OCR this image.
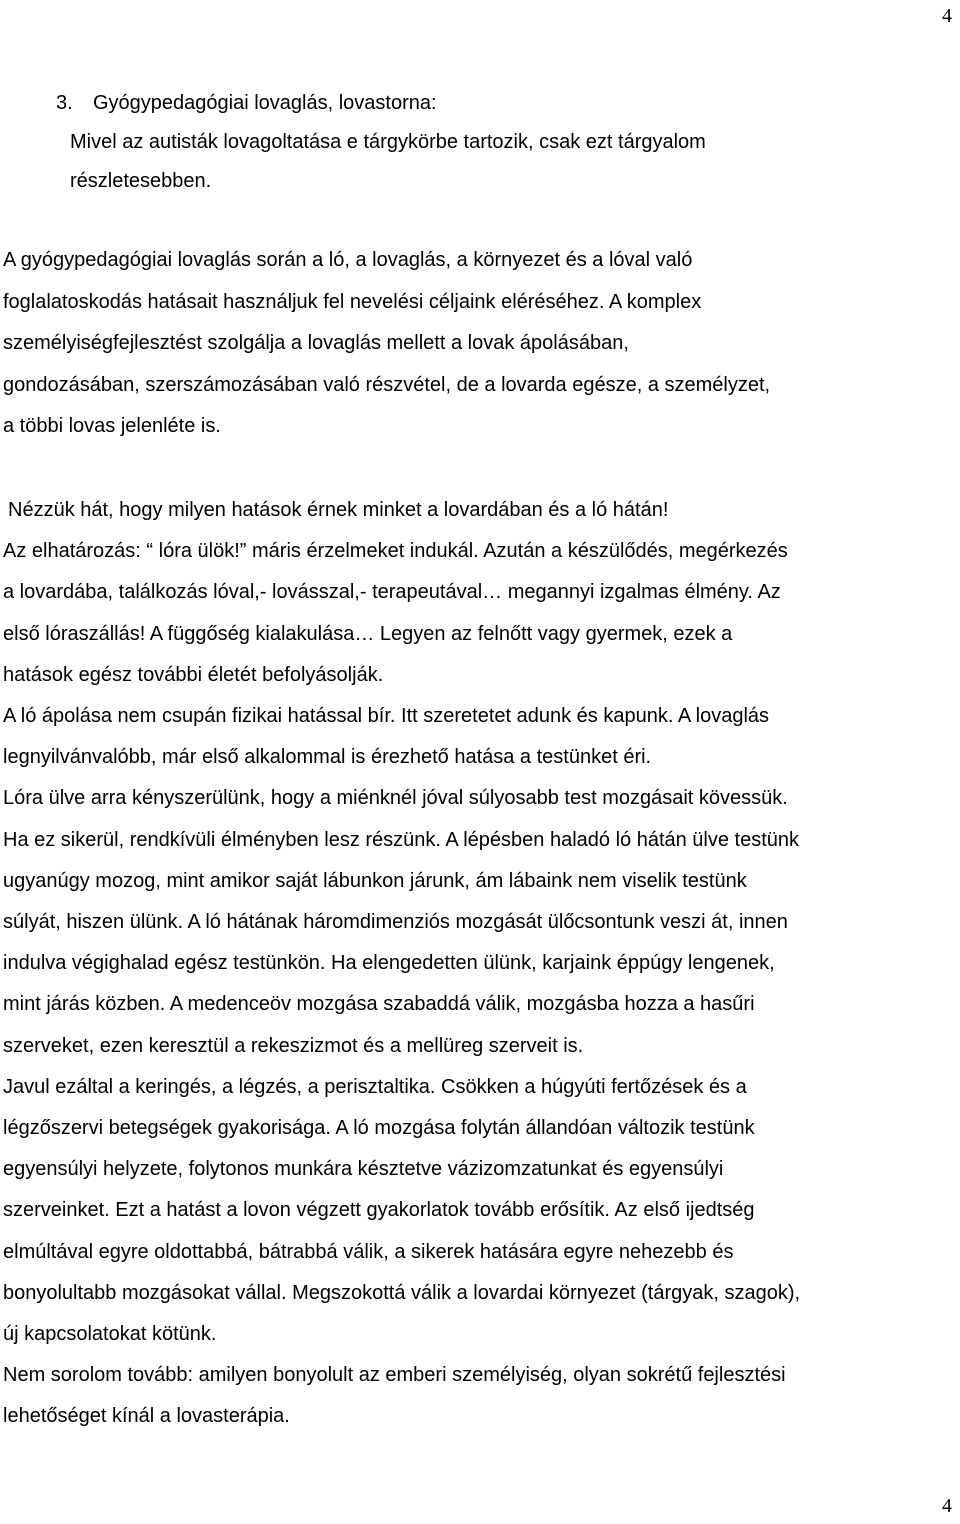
4
3. Gyógypedagógiai lovaglás, lovastorna:

Mivel az autisták lovagoltatása e tárgykörbe tartozik, csak ezt tárgyalom

részletesebben.

A gyógypedagógiai lovaglás során a ló, a lovaglás, a környezet és a lóval való

foglalatoskodás hatásait használjuk fel nevelési céljaink eléréséhez. A komplex

személyiségfejlesztést szolgálja a lovaglás mellett a lovak ápolásában,

gondozásában, szerszámozásában való részvétel, de a lovarda egésze, a személyzet,

a többi lovas jelenléte is.

Nézzük hát, hogy milyen hatások érnek minket a lovardában és a ló hátán!

Az elhatározás: “ lóra ülök!” máris érzelmeket indukál. Azután a készülődés, megérkezés

a lovardába, találkozás lóval,- lovásszal,- terapeutával… megannyi izgalmas élmény. Az

első lóraszállás! A függőség kialakulása… Legyen az felnőtt vagy gyermek, ezek a

hatások egész további életét befolyásolják.

A ló ápolása nem csupán fizikai hatással bír. Itt szeretetet adunk és kapunk. A lovaglás

legnyilvánvalóbb, már első alkalommal is érezhető hatása a testünket éri.

Lóra ülve arra kényszerülünk, hogy a miénknél jóval súlyosabb test mozgásait kövessük.

Ha ez sikerül, rendkívüli élményben lesz részünk. A lépésben haladó ló hátán ülve testünk

ugyanúgy mozog, mint amikor saját lábunkon járunk, ám lábaink nem viselik testünk

súlyát, hiszen ülünk. A ló hátának háromdimenziós mozgását ülőcsontunk veszi át, innen

indulva végighalad egész testünkön. Ha elengedetten ülünk, karjaink éppúgy lengenek,

mint járás közben. A medenceöv mozgása szabaddá válik, mozgásba hozza a hasűri

szerveket, ezen keresztül a rekeszizmot és a mellüreg szerveit is.

Javul ezáltal a keringés, a légzés, a perisztaltika. Csökken a húgyúti fertőzések és a

légzőszervi betegségek gyakorisága. A ló mozgása folytán állandóan változik testünk

egyensúlyi helyzete, folytonos munkára késztetve vázizomzatunkat és egyensúlyi

szerveinket. Ezt a hatást a lovon végzett gyakorlatok tovább erősítik. Az első ijedtség

elmúltával egyre oldottabbá, bátrabbá válik, a sikerek hatására egyre nehezebb és

bonyolultabb mozgásokat vállal. Megszokottá válik a lovardai környezet (tárgyak, szagok),

új kapcsolatokat kötünk.

Nem sorolom tovább: amilyen bonyolult az emberi személyiség, olyan sokrétű fejlesztési

lehetőséget kínál a lovasterápia.

4
